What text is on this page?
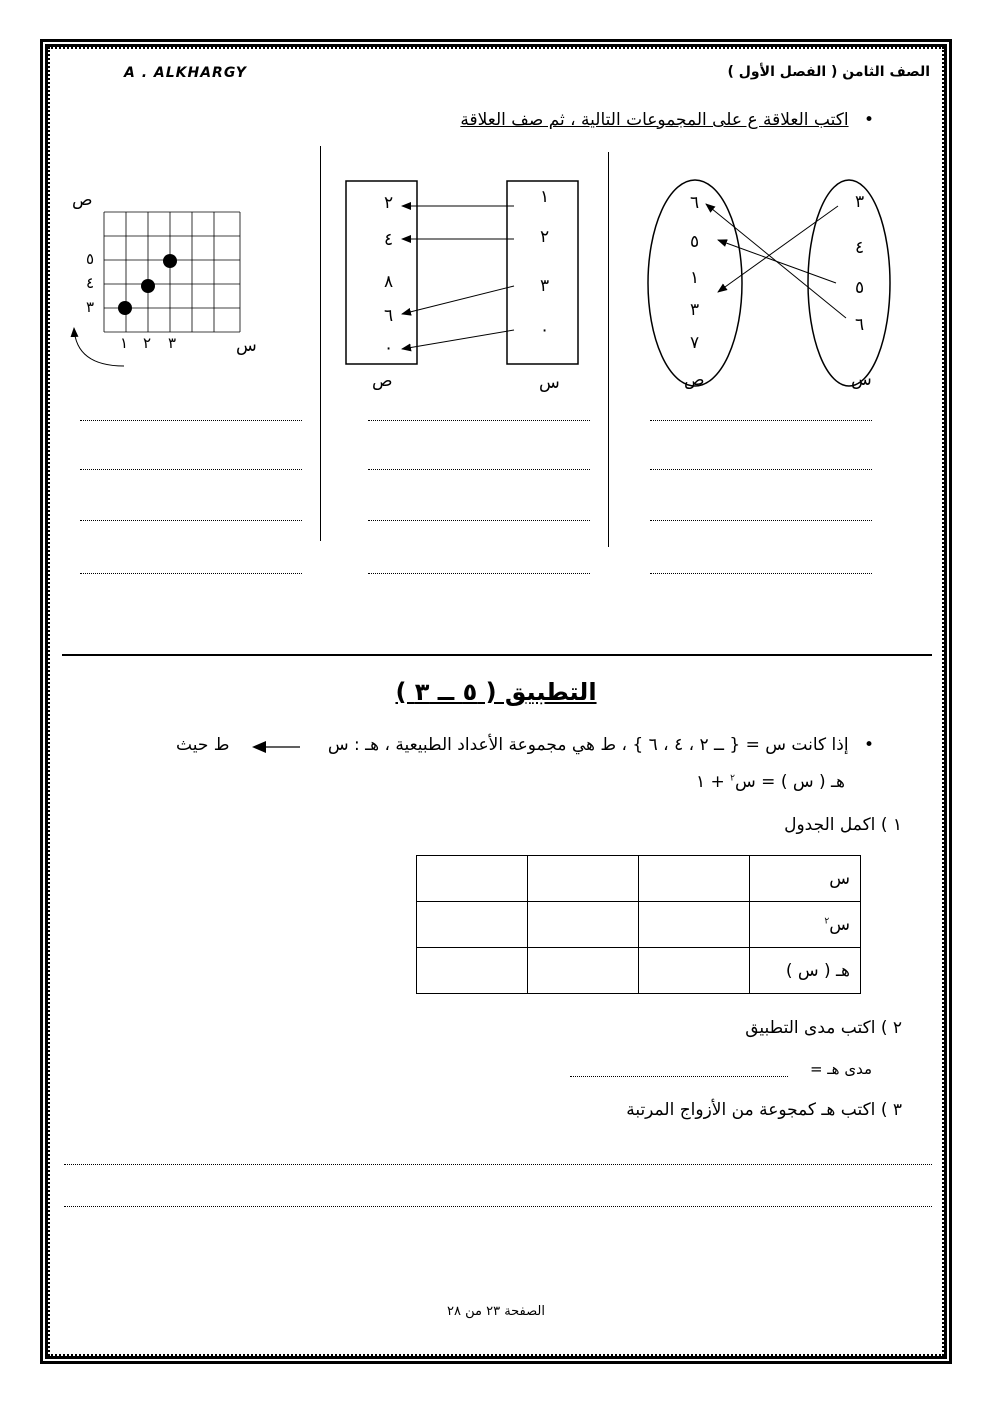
A . ALKHARGY	الصف الثامن ( الفصل الأول )
• اكتب العلاقة ع على المجموعات التالية ، ثم صف العلاقة
٣
٤
٥
٦
٦
٥
١
٣
٧
س
ص
١
٢
٣
٠
٢
٤
٨
٦
٠
س
ص
ص
س
٥
٤
٣
١ ٢ ٣
التطبيق ( ٥ ــ ٣ )
• إذا كانت س = { ــ ٢ ، ٤ ، ٦ } ، ط هي مجموعة الأعداد الطبيعية ، هـ : س
ط حيث
هـ ( س ) = س$^٢$ + ١
١ ) اكمل الجدول
س			
س$^٢$			
هـ ( س )			
٢ ) اكتب مدى التطبيق
مدى هـ =
٣ ) اكتب هـ كمجوعة من الأزواج المرتبة
الصفحة ٢٣ من ٢٨
